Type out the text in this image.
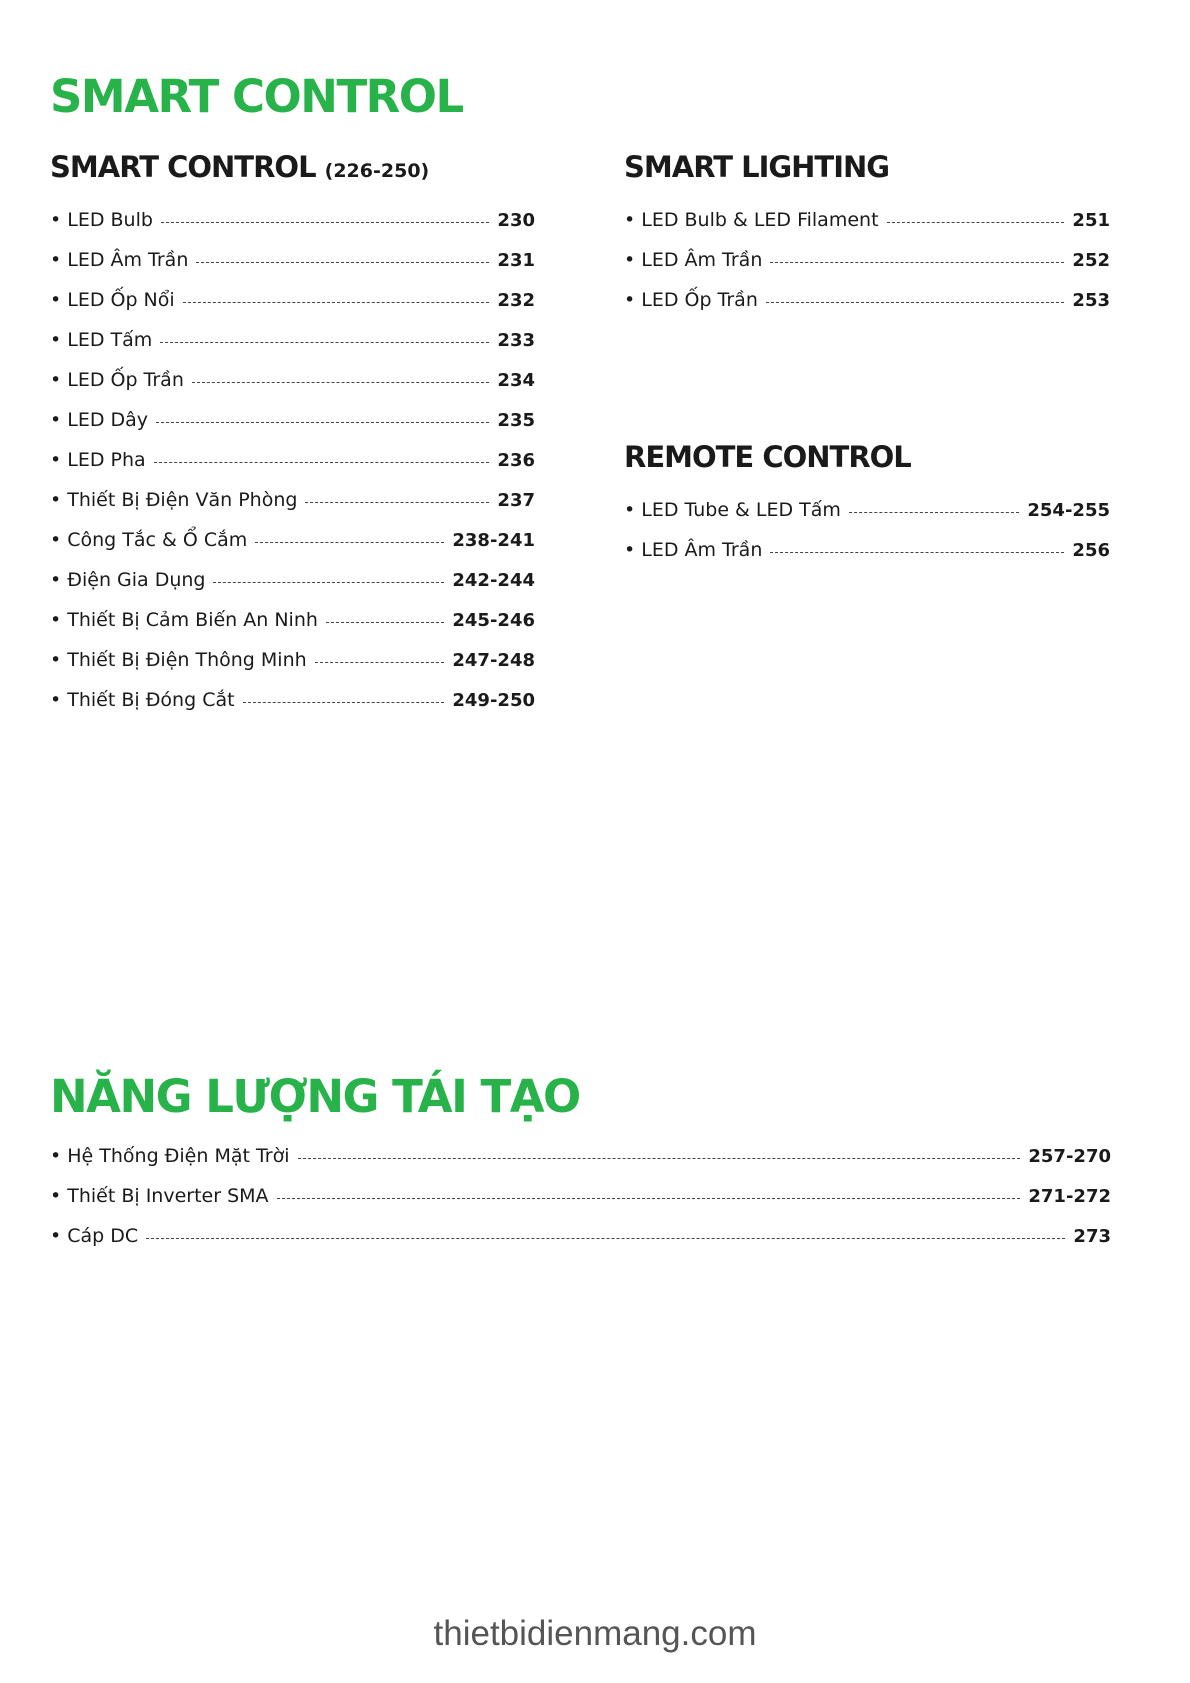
SMART CONTROL
SMART CONTROL (226-250)
• LED Bulb	230
• LED Âm Trần	231
• LED Ốp Nổi	232
• LED Tấm	233
• LED Ốp Trần	234
• LED Dây	235
• LED Pha	236
• Thiết Bị Điện Văn Phòng	237
• Công Tắc & Ổ Cắm	238-241
• Điện Gia Dụng	242-244
• Thiết Bị Cảm Biến An Ninh	245-246
• Thiết Bị Điện Thông Minh	247-248
• Thiết Bị Đóng Cắt	249-250
SMART LIGHTING
• LED Bulb & LED Filament	251
• LED Âm Trần	252
• LED Ốp Trần	253
REMOTE CONTROL
• LED Tube & LED Tấm	254-255
• LED Âm Trần	256
NĂNG LƯỢNG TÁI TẠO
• Hệ Thống Điện Mặt Trời	257-270
• Thiết Bị Inverter SMA	271-272
• Cáp DC	273
thietbidienmang.com
